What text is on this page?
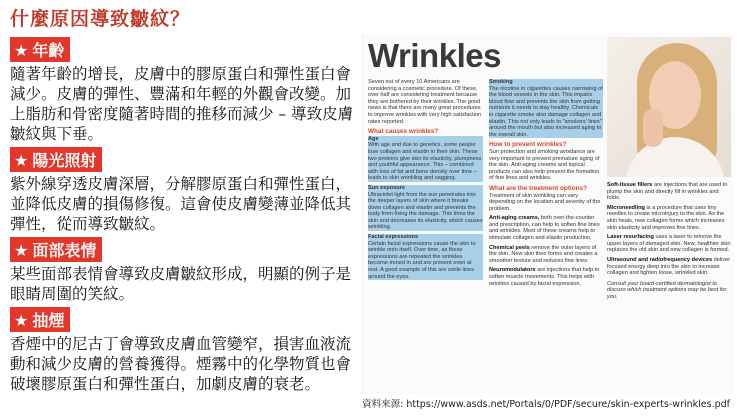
什麼原因導致皺紋？
★ 年齡
隨著年齡的增長，皮膚中的膠原蛋白和彈性蛋白會減少。皮膚的彈性、豐滿和年輕的外觀會改變。加上脂肪和骨密度隨著時間的推移而減少 – 導致皮膚皺紋與下垂。
★ 陽光照射
紫外線穿透皮膚深層，分解膠原蛋白和彈性蛋白，並降低皮膚的損傷修復。這會使皮膚變薄並降低其彈性，從而導致皺紋。
★ 面部表情
某些面部表情會導致皮膚皺紋形成，明顯的例子是眼睛周圍的笑紋。
★ 抽煙
香煙中的尼古丁會導致皮膚血管變窄，損害血液流動和減少皮膚的營養獲得。煙霧中的化學物質也會破壞膠原蛋白和彈性蛋白，加劇皮膚的衰老。
Wrinkles
Seven out of every 10 Americans are considering a cosmetic procedure. Of these, over half are considering treatment because they are bothered by their wrinkles. The good news is that there are many great procedures to improve wrinkles with very high satisfaction rates reported.
What causes wrinkles?
Age
With age and due to genetics, some people lose collagen and elastin in their skin. These two proteins give skin its elasticity, plumpness and youthful appearance. This – combined with loss of fat and bone density over time – leads to skin wrinkling and sagging.
Sun exposure
Ultraviolet light from the sun penetrates into the deeper layers of skin where it breaks down collagen and elastin and prevents the body from fixing the damage. This thins the skin and decreases its elasticity, which causes wrinkling.
Facial expressions
Certain facial expressions cause the skin to wrinkle onto itself. Over time, as these expressions are repeated the wrinkles become ironed in and are present even at rest. A good example of this are smile lines around the eyes.
Smoking
The nicotine in cigarettes causes narrowing of the blood vessels in the skin. This impairs blood flow and prevents the skin from getting nutrients it needs to stay healthy. Chemicals in cigarette smoke also damage collagen and elastin. This not only leads to "smokers' lines" around the mouth but also increased aging to the overall skin.
How to prevent wrinkles?
Sun protection and smoking avoidance are very important to prevent premature aging of the skin. Anti-aging creams and topical products can also help prevent the formation of fine lines and wrinkles.
What are the treatment options?
Treatment of skin wrinkling can vary depending on the location and severity of the problem.
Anti-aging creams, both over-the-counter and prescription, can help to soften fine lines and wrinkles. Most of these creams help to stimulate collagen and elastin production.
Chemical peels remove the outer layers of the skin. New skin then forms and creates a smoother texture and reduces fine lines.
Neuromodulators are injections that help to soften muscle movements. This helps with wrinkles caused by facial expression.
Soft-tissue fillers are injections that are used to plump the skin and directly fill in wrinkles and folds.
Microneedling is a procedure that uses tiny needles to create microinjury to the skin. As the skin heals, new collagen forms which increases skin elasticity and improves fine lines.
Laser resurfacing uses a laser to remove the upper layers of damaged skin. New, healthier skin replaces the old skin and new collagen is formed.
Ultrasound and radiofrequency devices deliver focused energy deep into the skin to increase collagen and tighten loose, wrinkled skin.
Consult your board-certified dermatologist to discuss which treatment options may be best for you.
資料來源: https://www.asds.net/Portals/0/PDF/secure/skin-experts-wrinkles.pdf
